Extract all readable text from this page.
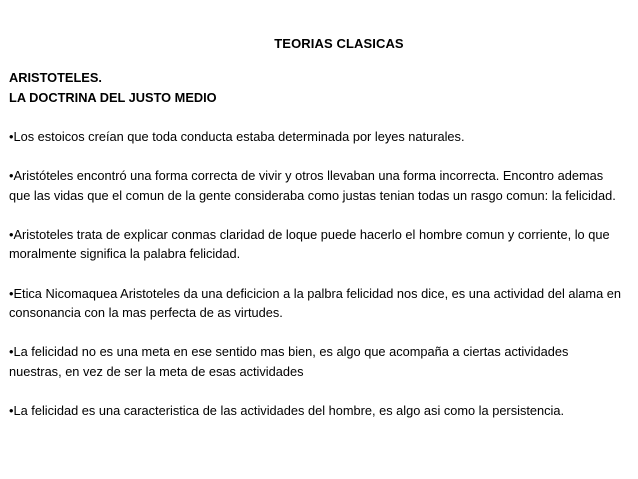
TEORIAS CLASICAS
ARISTOTELES.
LA DOCTRINA DEL JUSTO MEDIO
•Los estoicos creían que toda conducta estaba determinada por leyes naturales.
•Aristóteles encontró una forma correcta de vivir y otros llevaban una forma incorrecta. Encontro ademas que las vidas que el comun de la gente consideraba como justas tenian todas un rasgo comun: la felicidad.
•Aristoteles trata de explicar conmas claridad de loque puede hacerlo el hombre comun y corriente, lo que moralmente significa la palabra felicidad.
•Etica Nicomaquea Aristoteles da una deficicion a la palbra felicidad nos dice, es una actividad del alama en consonancia con la mas perfecta de as virtudes.
•La felicidad no es una meta en ese sentido mas bien, es algo que acompaña a ciertas actividades nuestras, en vez de ser la meta de esas actividades
•La felicidad es una caracteristica de las actividades del hombre, es algo asi como la persistencia.
